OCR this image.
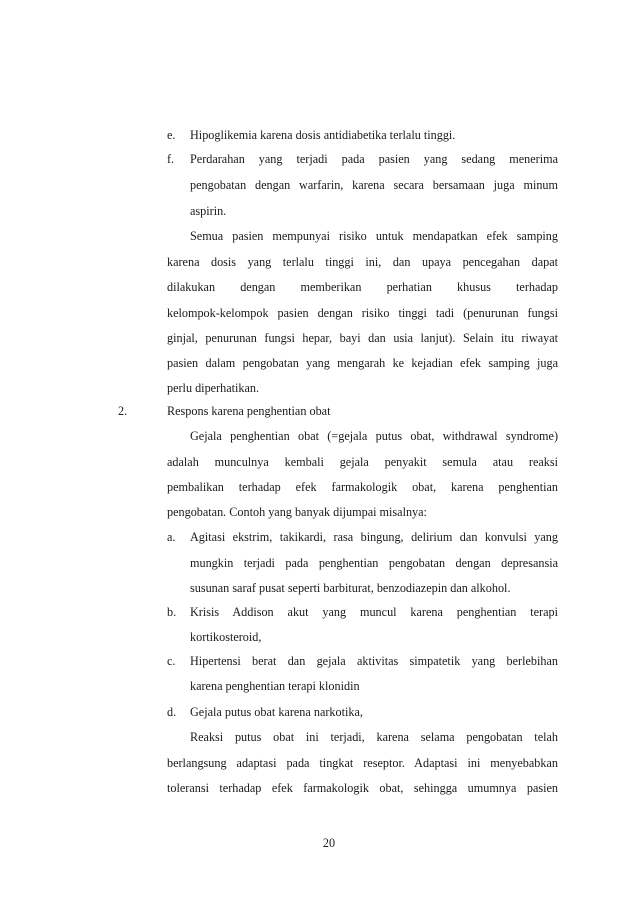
e. Hipoglikemia karena dosis antidiabetika terlalu tinggi.
f. Perdarahan yang terjadi pada pasien yang sedang menerima
pengobatan dengan warfarin, karena secara bersamaan juga minum
aspirin.
Semua pasien mempunyai risiko untuk mendapatkan efek samping
karena dosis yang terlalu tinggi ini, dan upaya pencegahan dapat
dilakukan dengan memberikan perhatian khusus terhadap
kelompok-kelompok pasien dengan risiko tinggi tadi (penurunan fungsi
ginjal, penurunan fungsi hepar, bayi dan usia lanjut). Selain itu riwayat
pasien dalam pengobatan yang mengarah ke kejadian efek samping juga
perlu diperhatikan.
2.	Respons karena penghentian obat
Gejala penghentian obat (=gejala putus obat, withdrawal syndrome)
adalah munculnya kembali gejala penyakit semula atau reaksi
pembalikan terhadap efek farmakologik obat, karena penghentian
pengobatan. Contoh yang banyak dijumpai misalnya:
a. Agitasi ekstrim, takikardi, rasa bingung, delirium dan konvulsi yang
mungkin terjadi pada penghentian pengobatan dengan depresansia
susunan saraf pusat seperti barbiturat, benzodiazepin dan alkohol.
b. Krisis Addison akut yang muncul karena penghentian terapi
kortikosteroid,
c. Hipertensi berat dan gejala aktivitas simpatetik yang berlebihan
karena penghentian terapi klonidin
d. Gejala putus obat karena narkotika,
Reaksi putus obat ini terjadi, karena selama pengobatan telah
berlangsung adaptasi pada tingkat reseptor. Adaptasi ini menyebabkan
toleransi terhadap efek farmakologik obat, sehingga umumnya pasien
20
